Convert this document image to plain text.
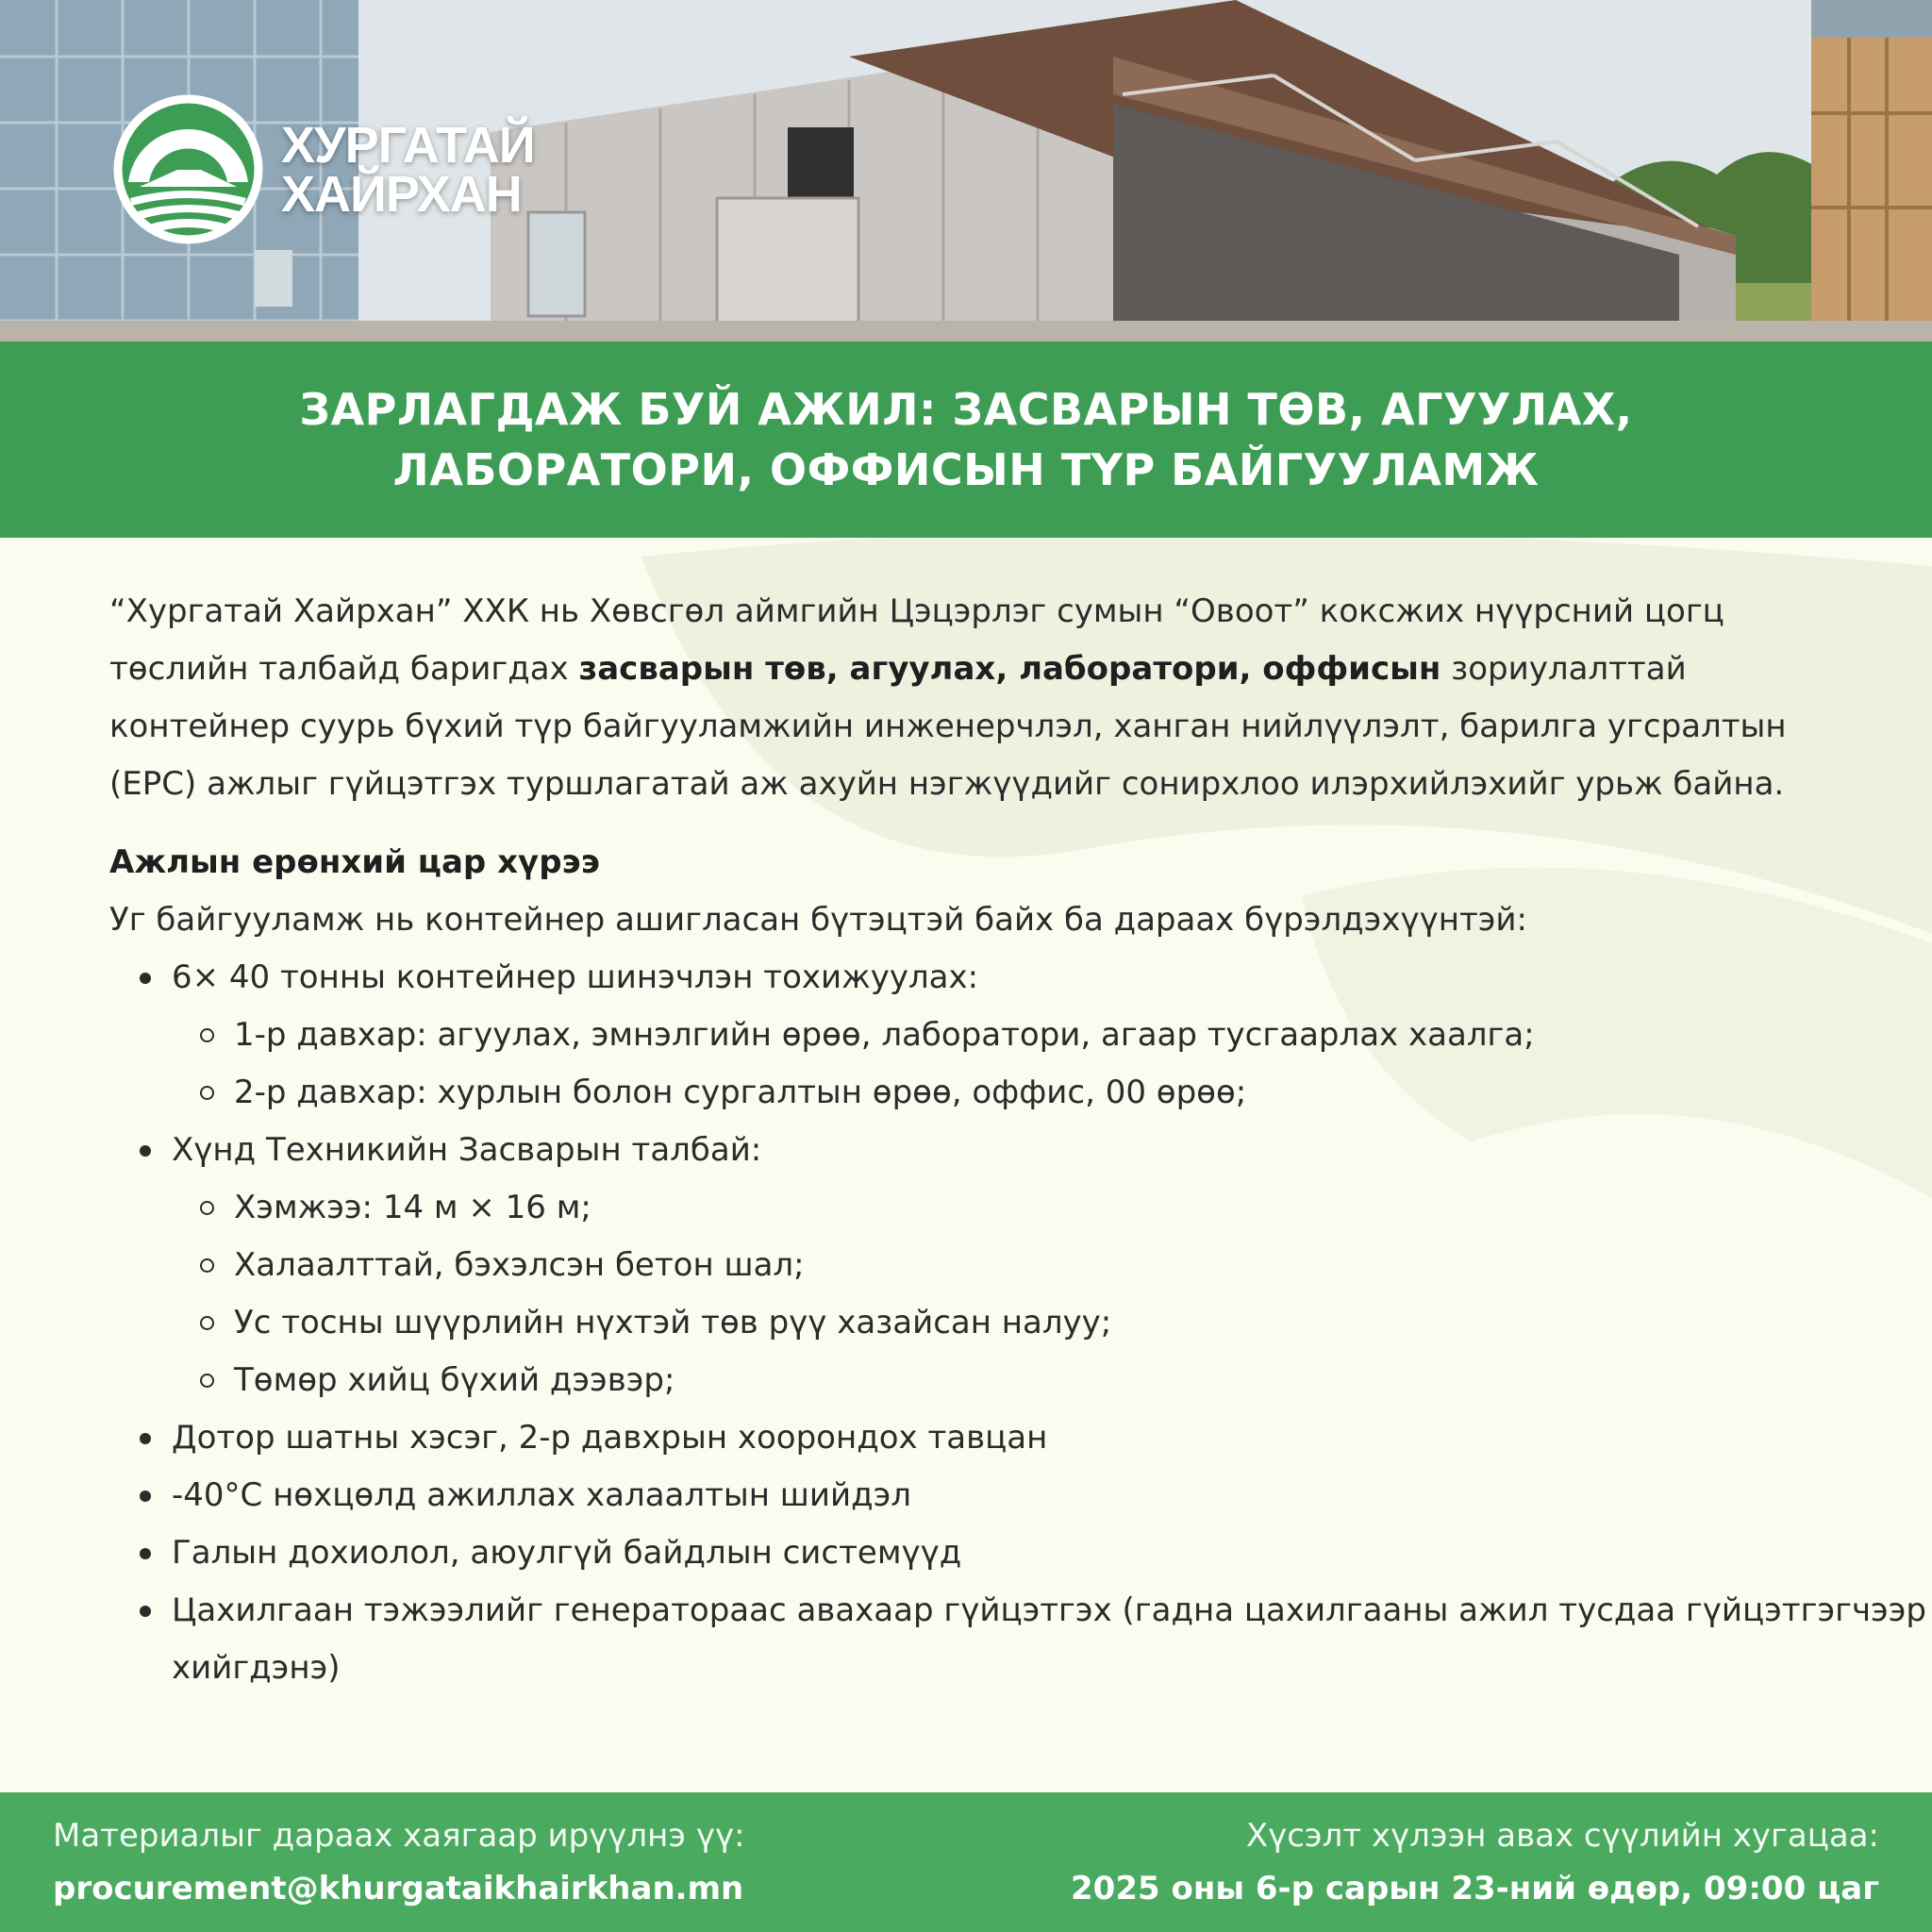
ХУРГАТАЙ
ХАЙРХАН
ЗАРЛАГДАЖ БУЙ АЖИЛ: ЗАСВАРЫН ТӨВ, АГУУЛАХ,
ЛАБОРАТОРИ, ОФФИСЫН ТҮР БАЙГУУЛАМЖ

“Хургатай Хайрхан” ХХК нь Хөвсгөл аймгийн Цэцэрлэг сумын “Овоот” коксжих нүүрсний цогц төслийн талбайд баригдах засварын төв, агуулах, лаборатори, оффисын зориулалттай контейнер суурь бүхий түр байгууламжийн инженерчлэл, ханган нийлүүлэлт, барилга угсралтын (EPC) ажлыг гүйцэтгэх туршлагатай аж ахуйн нэгжүүдийг сонирхлоо илэрхийлэхийг урьж байна.

Ажлын ерөнхий цар хүрээ

Уг байгууламж нь контейнер ашигласан бүтэцтэй байх ба дараах бүрэлдэхүүнтэй:

6× 40 тонны контейнер шинэчлэн тохижуулах:
1-р давхар: агуулах, эмнэлгийн өрөө, лаборатори, агаар тусгаарлах хаалга;
2-р давхар: хурлын болон сургалтын өрөө, оффис, 00 өрөө;
Хүнд Техникийн Засварын талбай:
Хэмжээ: 14 м × 16 м;
Халаалттай, бэхэлсэн бетон шал;
Ус тосны шүүрлийн нүхтэй төв рүү хазайсан налуу;
Төмөр хийц бүхий дээвэр;
Дотор шатны хэсэг, 2-р давхрын хоорондох тавцан
-40°C нөхцөлд ажиллах халаалтын шийдэл
Галын дохиолол, аюулгүй байдлын системүүд
Цахилгаан тэжээлийг генератораас авахаар гүйцэтгэх (гадна цахилгааны ажил тусдаа гүйцэтгэгчээр хийгдэнэ)
Материалыг дараах хаягаар ирүүлнэ үү:
procurement@khurgataikhairkhan.mn
Хүсэлт хүлээн авах сүүлийн хугацаа:
2025 оны 6-р сарын 23-ний өдөр, 09:00 цаг
